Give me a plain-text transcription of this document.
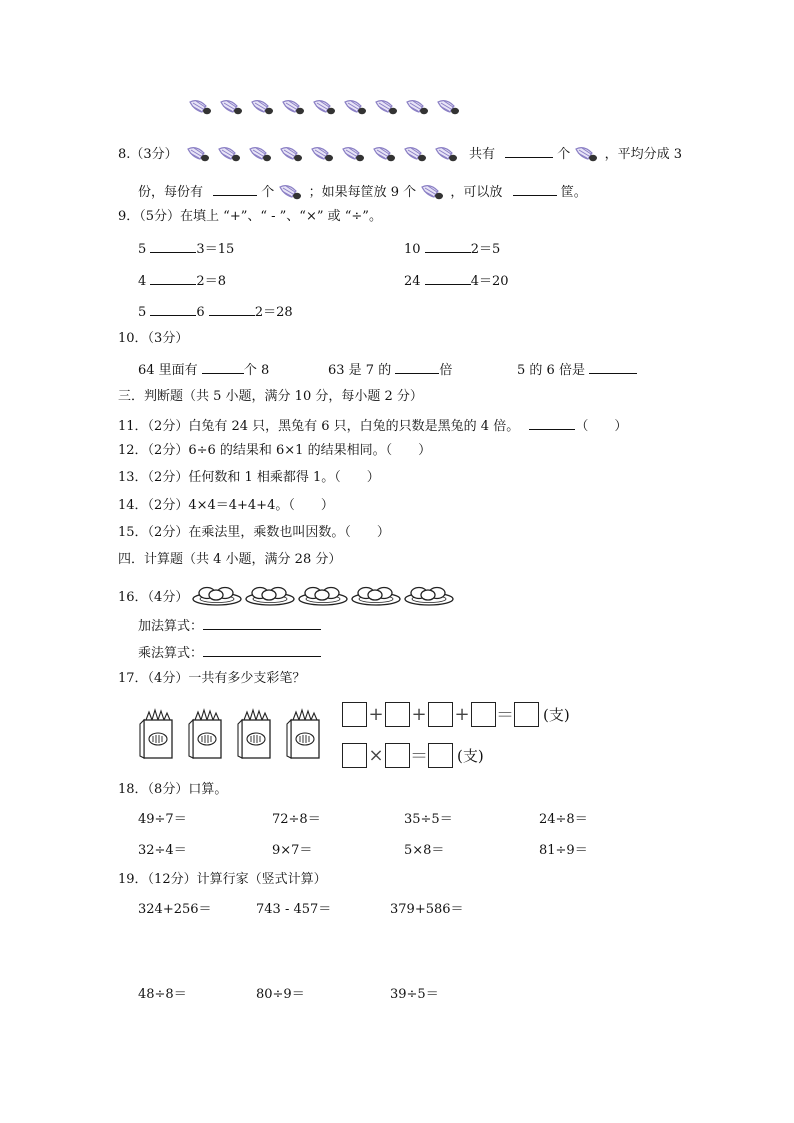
8.（3分）	共有	个	，平均分成 3
份，每份有	个	；如果每筐放 9 个	，可以放	筐。
9．（5分）在填上 “+”、“ - ”、“×” 或 “÷”。
5	3＝15	10	2＝5
4	2＝8	24	4＝20
5	6	2＝28
10．（3分）
64 里面有	个 8	63 是 7 的	倍	5 的 6 倍是
三．判断题（共 5 小题，满分 10 分，每小题 2 分）
11．（2分）白兔有 24 只，黑兔有 6 只，白兔的只数是黑兔的 4 倍。	（　　）
12．（2分）6÷6 的结果和 6×1 的结果相同。（　　）
13．（2分）任何数和 1 相乘都得 1。（　　）
14．（2分）4×4＝4+4+4。（　　）
15．（2分）在乘法里，乘数也叫因数。（　　）
四．计算题（共 4 小题，满分 28 分）
16．（4分）
加法算式：
乘法算式：
17．（4分）一共有多少支彩笔？
+ + + ＝ (支)
× ＝ (支)
18．（8分）口算。
49÷7＝	72÷8＝	35÷5＝	24÷8＝
32÷4＝	9×7＝	5×8＝	81÷9＝
19．（12分）计算行家（竖式计算）
324+256＝	743 - 457＝	379+586＝
48÷8＝	80÷9＝	39÷5＝
